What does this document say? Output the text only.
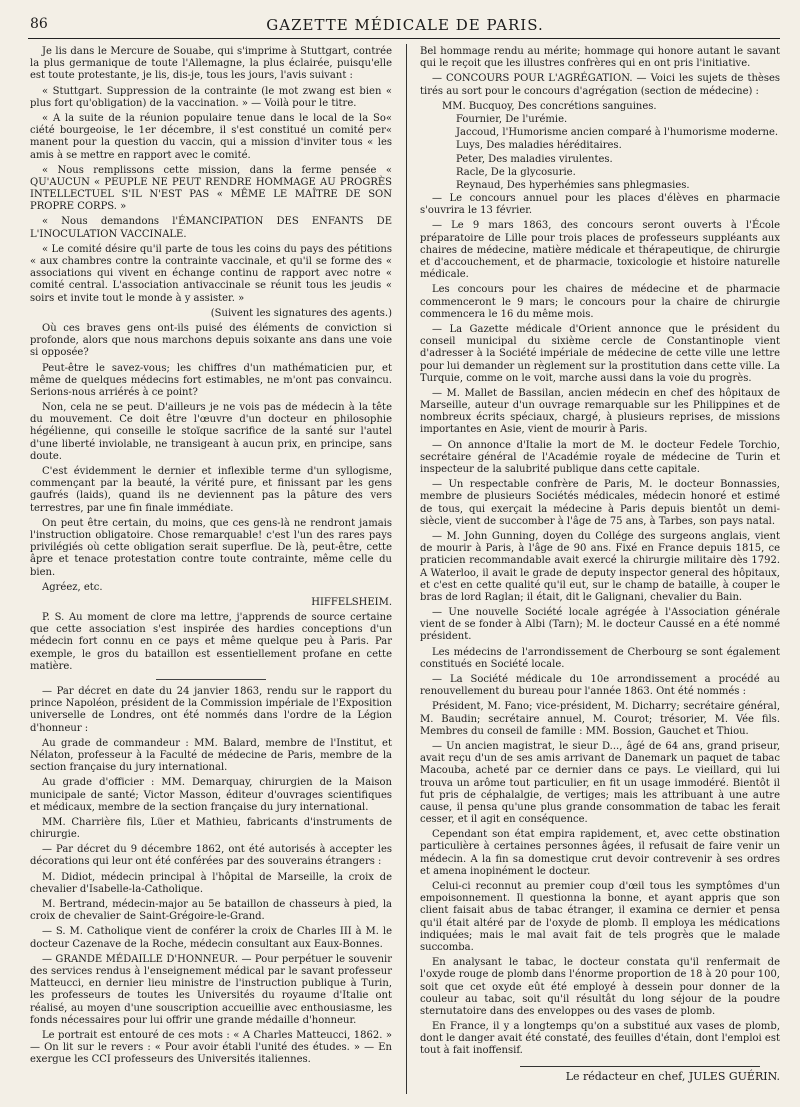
86	GAZETTE MÉDICALE DE PARIS.

Je lis dans le Mercure de Souabe, qui s'imprime à Stuttgart, contrée la plus germanique de toute l'Allemagne, la plus éclairée, puisqu'elle est toute protestante, je lis, dis-je, tous les jours, l'avis suivant :

« Stuttgart. Suppression de la contrainte (le mot zwang est bien « plus fort qu'obligation) de la vaccination. » — Voilà pour le titre.

« A la suite de la réunion populaire tenue dans le local de la So« ciété bourgeoise, le 1er décembre, il s'est constitué un comité per« manent pour la question du vaccin, qui a mission d'inviter tous « les amis à se mettre en rapport avec le comité.

« Nous remplissons cette mission, dans la ferme pensée « QU'AUCUN « PEUPLE NE PEUT RENDRE HOMMAGE AU PROGRÈS INTELLECTUEL S'IL N'EST PAS « MÊME LE MAÎTRE DE SON PROPRE CORPS. »

« Nous demandons l'ÉMANCIPATION DES ENFANTS DE L'INOCULATION VACCINALE.

« Le comité désire qu'il parte de tous les coins du pays des pétitions « aux chambres contre la contrainte vaccinale, et qu'il se forme des « associations qui vivent en échange continu de rapport avec notre « comité central. L'association antivaccinale se réunit tous les jeudis « soirs et invite tout le monde à y assister. »

(Suivent les signatures des agents.)

Où ces braves gens ont-ils puisé des éléments de conviction si profonde, alors que nous marchons depuis soixante ans dans une voie si opposée?

Peut-être le savez-vous; les chiffres d'un mathématicien pur, et même de quelques médecins fort estimables, ne m'ont pas convaincu. Serions-nous arriérés à ce point?

Non, cela ne se peut. D'ailleurs je ne vois pas de médecin à la tête du mouvement. Ce doit être l'œuvre d'un docteur en philosophie hégélienne, qui conseille le stoïque sacrifice de la santé sur l'autel d'une liberté inviolable, ne transigeant à aucun prix, en principe, sans doute.

C'est évidemment le dernier et inflexible terme d'un syllogisme, commençant par la beauté, la vérité pure, et finissant par les gens gaufrés (laids), quand ils ne deviennent pas la pâture des vers terrestres, par une fin finale immédiate.

On peut être certain, du moins, que ces gens-là ne rendront jamais l'instruction obligatoire. Chose remarquable! c'est l'un des rares pays privilégiés où cette obligation serait superflue. De là, peut-être, cette âpre et tenace protestation contre toute contrainte, même celle du bien.

Agréez, etc.

HIFFELSHEIM.

P. S. Au moment de clore ma lettre, j'apprends de source certaine que cette association s'est inspirée des hardies conceptions d'un médecin fort connu en ce pays et même quelque peu à Paris. Par exemple, le gros du bataillon est essentiellement profane en cette matière.

— Par décret en date du 24 janvier 1863, rendu sur le rapport du prince Napoléon, président de la Commission impériale de l'Exposition universelle de Londres, ont été nommés dans l'ordre de la Légion d'honneur :

Au grade de commandeur : MM. Balard, membre de l'Institut, et Nélaton, professeur à la Faculté de médecine de Paris, membre de la section française du jury international.

Au grade d'officier : MM. Demarquay, chirurgien de la Maison municipale de santé; Victor Masson, éditeur d'ouvrages scientifiques et médicaux, membre de la section française du jury international.

MM. Charrière fils, Lüer et Mathieu, fabricants d'instruments de chirurgie.

— Par décret du 9 décembre 1862, ont été autorisés à accepter les décorations qui leur ont été conférées par des souverains étrangers :

M. Didiot, médecin principal à l'hôpital de Marseille, la croix de chevalier d'Isabelle-la-Catholique.

M. Bertrand, médecin-major au 5e bataillon de chasseurs à pied, la croix de chevalier de Saint-Grégoire-le-Grand.

— S. M. Catholique vient de conférer la croix de Charles III à M. le docteur Cazenave de la Roche, médecin consultant aux Eaux-Bonnes.

— GRANDE MÉDAILLE D'HONNEUR. — Pour perpétuer le souvenir des services rendus à l'enseignement médical par le savant professeur Matteucci, en dernier lieu ministre de l'instruction publique à Turin, les professeurs de toutes les Universités du royaume d'Italie ont réalisé, au moyen d'une souscription accueillie avec enthousiasme, les fonds nécessaires pour lui offrir une grande médaille d'honneur.

Le portrait est entouré de ces mots : « A Charles Matteucci, 1862. » — On lit sur le revers : « Pour avoir établi l'unité des études. » — En exergue les CCI professeurs des Universités italiennes.

Bel hommage rendu au mérite; hommage qui honore autant le savant qui le reçoit que les illustres confrères qui en ont pris l'initiative.

— CONCOURS POUR L'AGRÉGATION. — Voici les sujets de thèses tirés au sort pour le concours d'agrégation (section de médecine) :

MM. Bucquoy, Des concrétions sanguines.

Fournier, De l'urémie.

Jaccoud, l'Humorisme ancien comparé à l'humorisme moderne.

Luys, Des maladies héréditaires.

Peter, Des maladies virulentes.

Racle, De la glycosurie.

Reynaud, Des hyperhémies sans phlegmasies.

— Le concours annuel pour les places d'élèves en pharmacie s'ouvrira le 13 février.

— Le 9 mars 1863, des concours seront ouverts à l'École préparatoire de Lille pour trois places de professeurs suppléants aux chaires de médecine, matière médicale et thérapeutique, de chirurgie et d'accouchement, et de pharmacie, toxicologie et histoire naturelle médicale.

Les concours pour les chaires de médecine et de pharmacie commenceront le 9 mars; le concours pour la chaire de chirurgie commencera le 16 du même mois.

— La Gazette médicale d'Orient annonce que le président du conseil municipal du sixième cercle de Constantinople vient d'adresser à la Société impériale de médecine de cette ville une lettre pour lui demander un règlement sur la prostitution dans cette ville. La Turquie, comme on le voit, marche aussi dans la voie du progrès.

— M. Mallet de Bassilan, ancien médecin en chef des hôpitaux de Marseille, auteur d'un ouvrage remarquable sur les Philippines et de nombreux écrits spéciaux, chargé, à plusieurs reprises, de missions importantes en Asie, vient de mourir à Paris.

— On annonce d'Italie la mort de M. le docteur Fedele Torchio, secrétaire général de l'Académie royale de médecine de Turin et inspecteur de la salubrité publique dans cette capitale.

— Un respectable confrère de Paris, M. le docteur Bonnassies, membre de plusieurs Sociétés médicales, médecin honoré et estimé de tous, qui exerçait la médecine à Paris depuis bientôt un demi-siècle, vient de succomber à l'âge de 75 ans, à Tarbes, son pays natal.

— M. John Gunning, doyen du Collége des surgeons anglais, vient de mourir à Paris, à l'âge de 90 ans. Fixé en France depuis 1815, ce praticien recommandable avait exercé la chirurgie militaire dès 1792. A Waterloo, il avait le grade de deputy inspector general des hôpitaux, et c'est en cette qualité qu'il eut, sur le champ de bataille, à couper le bras de lord Raglan; il était, dit le Galignani, chevalier du Bain.

— Une nouvelle Société locale agrégée à l'Association générale vient de se fonder à Albi (Tarn); M. le docteur Caussé en a été nommé président.

Les médecins de l'arrondissement de Cherbourg se sont également constitués en Société locale.

— La Société médicale du 10e arrondissement a procédé au renouvellement du bureau pour l'année 1863. Ont été nommés :

Président, M. Fano; vice-président, M. Dicharry; secrétaire général, M. Baudin; secrétaire annuel, M. Courot; trésorier, M. Vée fils. Membres du conseil de famille : MM. Bossion, Gauchet et Thiou.

— Un ancien magistrat, le sieur D..., âgé de 64 ans, grand priseur, avait reçu d'un de ses amis arrivant de Danemark un paquet de tabac Macouba, acheté par ce dernier dans ce pays. Le vieillard, qui lui trouva un arôme tout particulier, en fit un usage immodéré. Bientôt il fut pris de céphalalgie, de vertiges; mais les attribuant à une autre cause, il pensa qu'une plus grande consommation de tabac les ferait cesser, et il agit en conséquence.

Cependant son état empira rapidement, et, avec cette obstination particulière à certaines personnes âgées, il refusait de faire venir un médecin. A la fin sa domestique crut devoir contrevenir à ses ordres et amena inopinément le docteur.

Celui-ci reconnut au premier coup d'œil tous les symptômes d'un empoisonnement. Il questionna la bonne, et ayant appris que son client faisait abus de tabac étranger, il examina ce dernier et pensa qu'il était altéré par de l'oxyde de plomb. Il employa les médications indiquées; mais le mal avait fait de tels progrès que le malade succomba.

En analysant le tabac, le docteur constata qu'il renfermait de l'oxyde rouge de plomb dans l'énorme proportion de 18 à 20 pour 100, soit que cet oxyde eût été employé à dessein pour donner de la couleur au tabac, soit qu'il résultât du long séjour de la poudre sternutatoire dans des enveloppes ou des vases de plomb.

En France, il y a longtemps qu'on a substitué aux vases de plomb, dont le danger avait été constaté, des feuilles d'étain, dont l'emploi est tout à fait inoffensif.

Le rédacteur en chef, JULES GUÉRIN.
